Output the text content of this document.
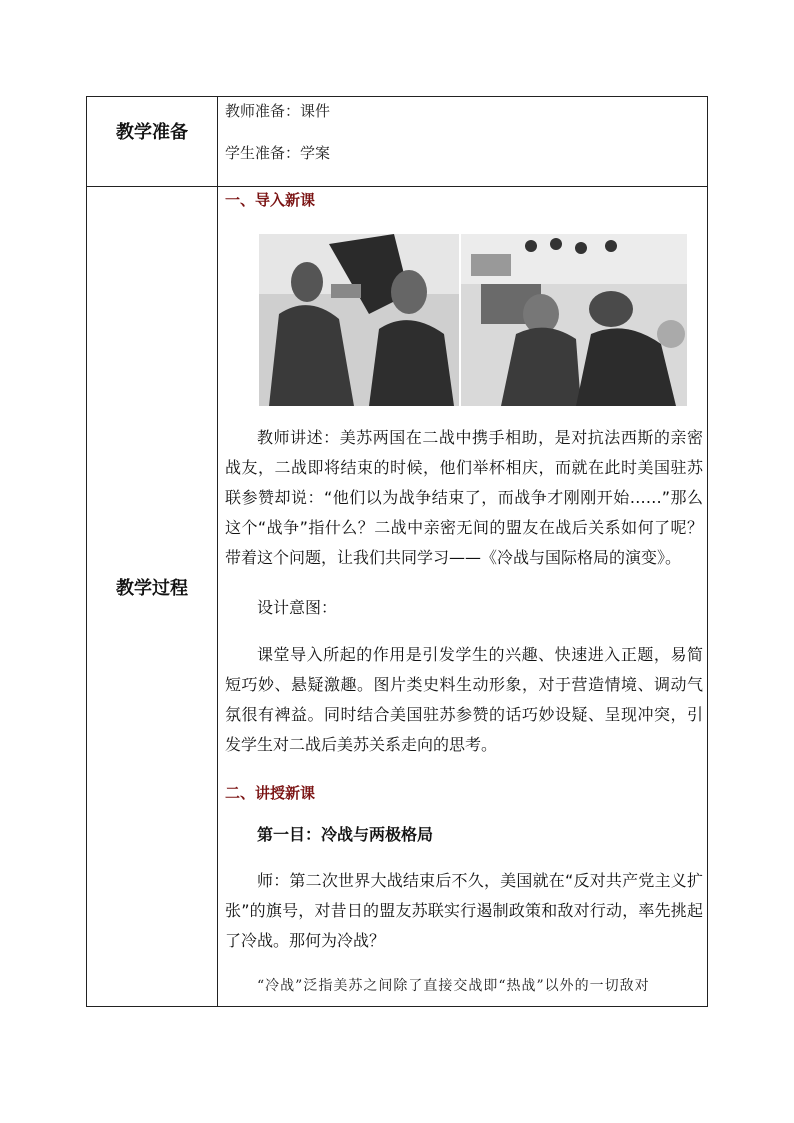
教学准备
教师准备：课件
学生准备：学案
教学过程
一、导入新课

教师讲述：美苏两国在二战中携手相助，是对抗法西斯的亲密战友，二战即将结束的时候，他们举杯相庆，而就在此时美国驻苏联参赞却说：“他们以为战争结束了，而战争才刚刚开始……”那么这个“战争”指什么？二战中亲密无间的盟友在战后关系如何了呢？带着这个问题，让我们共同学习——《冷战与国际格局的演变》。

设计意图：

课堂导入所起的作用是引发学生的兴趣、快速进入正题，易简短巧妙、悬疑激趣。图片类史料生动形象，对于营造情境、调动气氛很有裨益。同时结合美国驻苏参赞的话巧妙设疑、呈现冲突，引发学生对二战后美苏关系走向的思考。

二、讲授新课

第一目：冷战与两极格局

师：第二次世界大战结束后不久，美国就在“反对共产党主义扩张”的旗号，对昔日的盟友苏联实行遏制政策和敌对行动，率先挑起了冷战。那何为冷战？

“冷战”泛指美苏之间除了直接交战即“热战”以外的一切敌对
